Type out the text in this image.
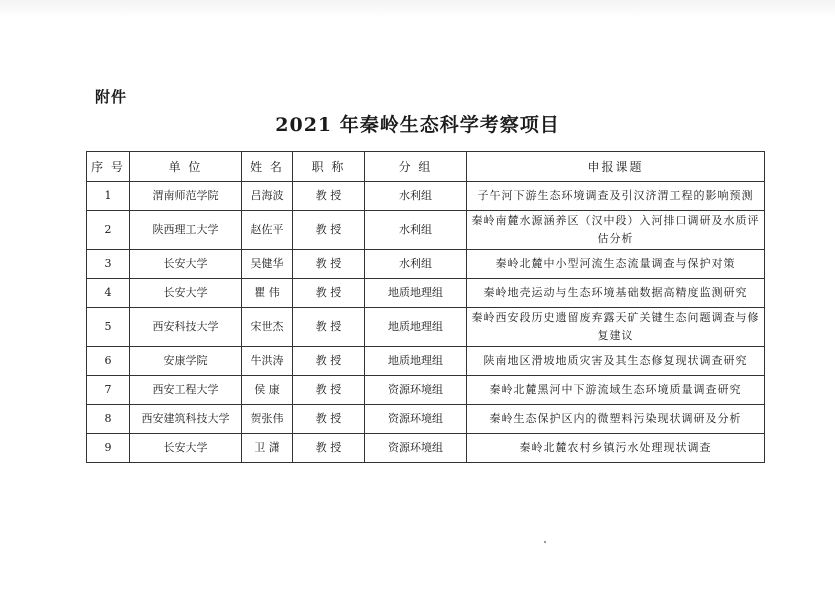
附件
2021 年秦岭生态科学考察项目
序 号	单 位	姓 名	职 称	分 组	申报课题
1	渭南师范学院	吕海波	教 授	水利组	子午河下游生态环境调查及引汉济渭工程的影响预测
2	陕西理工大学	赵佐平	教 授	水利组	秦岭南麓水源涵养区（汉中段）入河排口调研及水质评估分析
3	长安大学	吴健华	教 授	水利组	秦岭北麓中小型河流生态流量调查与保护对策
4	长安大学	瞿 伟	教 授	地质地理组	秦岭地壳运动与生态环境基础数据高精度监测研究
5	西安科技大学	宋世杰	教 授	地质地理组	秦岭西安段历史遗留废弃露天矿关键生态问题调查与修复建议
6	安康学院	牛洪涛	教 授	地质地理组	陕南地区滑坡地质灾害及其生态修复现状调查研究
7	西安工程大学	侯 康	教 授	资源环境组	秦岭北麓黑河中下游流域生态环境质量调查研究
8	西安建筑科技大学	贺张伟	教 授	资源环境组	秦岭生态保护区内的微塑料污染现状调研及分析
9	长安大学	卫 潇	教 授	资源环境组	秦岭北麓农村乡镇污水处理现状调查
